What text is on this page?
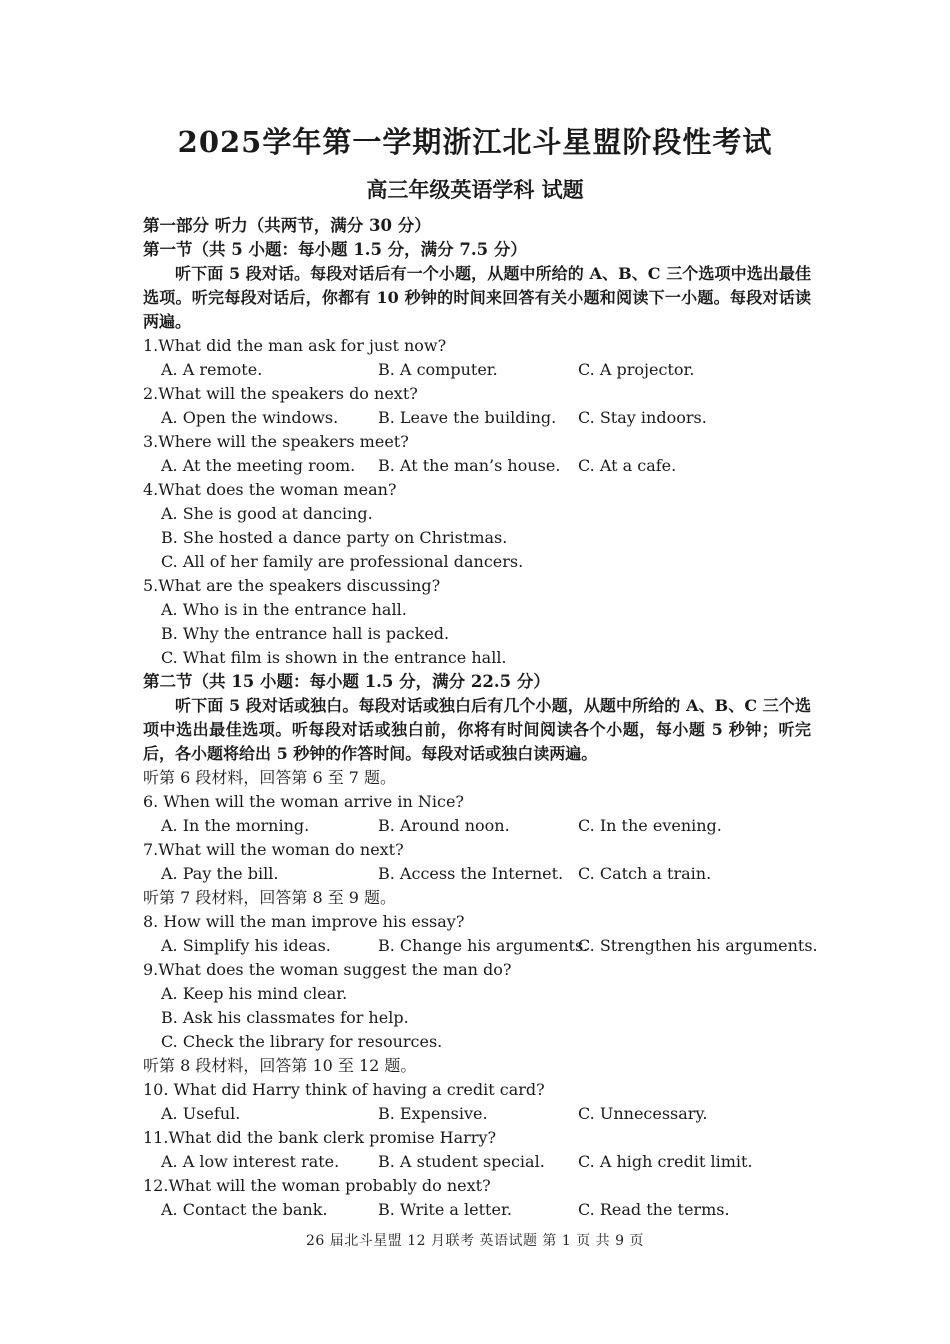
2025学年第一学期浙江北斗星盟阶段性考试
高三年级英语学科 试题
第一部分 听力（共两节，满分 30 分）
第一节（共 5 小题：每小题 1.5 分，满分 7.5 分）
听下面 5 段对话。每段对话后有一个小题，从题中所给的 A、B、C 三个选项中选出最佳选项。听完每段对话后，你都有 10 秒钟的时间来回答有关小题和阅读下一小题。每段对话读两遍。
1.What did the man ask for just now?
A. A remote.	B. A computer.	C. A projector.
2.What will the speakers do next?
A. Open the windows. B. Leave the building. C. Stay indoors.
3.Where will the speakers meet?
A. At the meeting room. B. At the man’s house. C. At a cafe.
4.What does the woman mean?
A. She is good at dancing.
B. She hosted a dance party on Christmas.
C. All of her family are professional dancers.
5.What are the speakers discussing?
A. Who is in the entrance hall.
B. Why the entrance hall is packed.
C. What film is shown in the entrance hall.
第二节（共 15 小题：每小题 1.5 分，满分 22.5 分）
听下面 5 段对话或独白。每段对话或独白后有几个小题，从题中所给的 A、B、C 三个选项中选出最佳选项。听每段对话或独白前，你将有时间阅读各个小题，每小题 5 秒钟；听完后，各小题将给出 5 秒钟的作答时间。每段对话或独白读两遍。
听第 6 段材料，回答第 6 至 7 题。
6. When will the woman arrive in Nice?
A. In the morning.	B. Around noon.	C. In the evening.
7.What will the woman do next?
A. Pay the bill.	B. Access the Internet. C. Catch a train.
听第 7 段材料，回答第 8 至 9 题。
8. How will the man improve his essay?
A. Simplify his ideas.	B. Change his arguments.
C. Strengthen his arguments.
9.What does the woman suggest the man do?
A. Keep his mind clear.
B. Ask his classmates for help.
C. Check the library for resources.
听第 8 段材料，回答第 10 至 12 题。
10. What did Harry think of having a credit card?
A. Useful.	B. Expensive.	C. Unnecessary.
11.What did the bank clerk promise Harry?
A. A low interest rate. B. A student special. C. A high credit limit.
12.What will the woman probably do next?
A. Contact the bank.	B. Write a letter.	C. Read the terms.
26 届北斗星盟 12 月联考 英语试题 第 1 页 共 9 页
